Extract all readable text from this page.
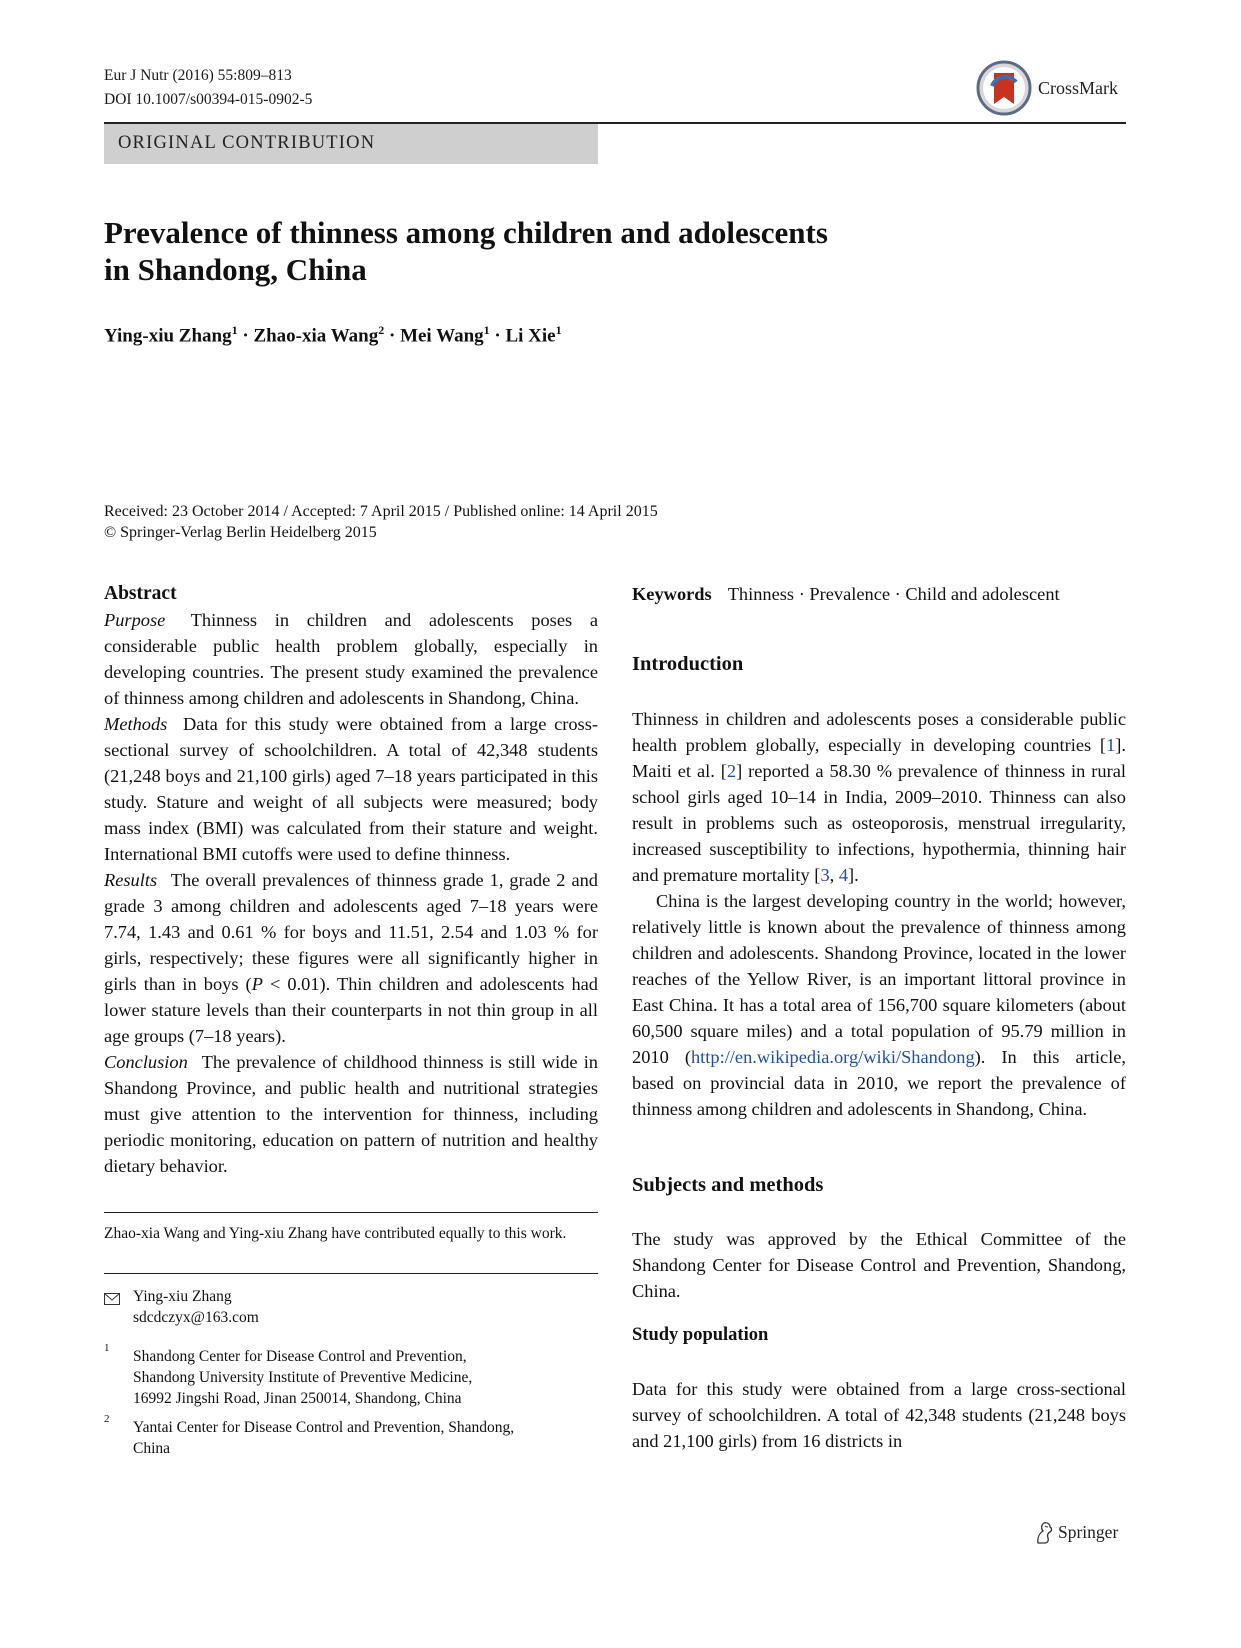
Eur J Nutr (2016) 55:809–813
DOI 10.1007/s00394-015-0902-5
CrossMark
ORIGINAL CONTRIBUTION
Prevalence of thinness among children and adolescents
in Shandong, China
Ying-xiu Zhang$^1$ · Zhao-xia Wang$^2$ · Mei Wang$^1$ · Li Xie$^1$
Received: 23 October 2014 / Accepted: 7 April 2015 / Published online: 14 April 2015
© Springer-Verlag Berlin Heidelberg 2015
Abstract

Purpose Thinness in children and adolescents poses a considerable public health problem globally, especially in developing countries. The present study examined the prevalence of thinness among children and adolescents in Shandong, China.

Methods Data for this study were obtained from a large cross-sectional survey of schoolchildren. A total of 42,348 students (21,248 boys and 21,100 girls) aged 7–18 years participated in this study. Stature and weight of all subjects were measured; body mass index (BMI) was calculated from their stature and weight. International BMI cutoffs were used to define thinness.

Results The overall prevalences of thinness grade 1, grade 2 and grade 3 among children and adolescents aged 7–18 years were 7.74, 1.43 and 0.61 % for boys and 11.51, 2.54 and 1.03 % for girls, respectively; these figures were all significantly higher in girls than in boys (P < 0.01). Thin children and adolescents had lower stature levels than their counterparts in not thin group in all age groups (7–18 years).

Conclusion The prevalence of childhood thinness is still wide in Shandong Province, and public health and nutritional strategies must give attention to the intervention for thinness, including periodic monitoring, education on pattern of nutrition and healthy dietary behavior.

Zhao-xia Wang and Ying-xiu Zhang have contributed equally to this work.
Ying-xiu Zhang
sdcdczyx@163.com
1 Shandong Center for Disease Control and Prevention,
Shandong University Institute of Preventive Medicine,
16992 Jingshi Road, Jinan 250014, Shandong, China
2 Yantai Center for Disease Control and Prevention, Shandong,
China

Keywords Thinness · Prevalence · Child and adolescent

Introduction

Thinness in children and adolescents poses a considerable public health problem globally, especially in developing countries [1]. Maiti et al. [2] reported a 58.30 % prevalence of thinness in rural school girls aged 10–14 in India, 2009–2010. Thinness can also result in problems such as osteoporosis, menstrual irregularity, increased susceptibility to infections, hypothermia, thinning hair and premature mortality [3, 4].

China is the largest developing country in the world; however, relatively little is known about the prevalence of thinness among children and adolescents. Shandong Province, located in the lower reaches of the Yellow River, is an important littoral province in East China. It has a total area of 156,700 square kilometers (about 60,500 square miles) and a total population of 95.79 million in 2010 (http://en.wikipedia.org/wiki/Shandong). In this article, based on provincial data in 2010, we report the prevalence of thinness among children and adolescents in Shandong, China.

Subjects and methods

The study was approved by the Ethical Committee of the Shandong Center for Disease Control and Prevention, Shandong, China.

Study population

Data for this study were obtained from a large cross-sectional survey of schoolchildren. A total of 42,348 students (21,248 boys and 21,100 girls) from 16 districts in

Springer
